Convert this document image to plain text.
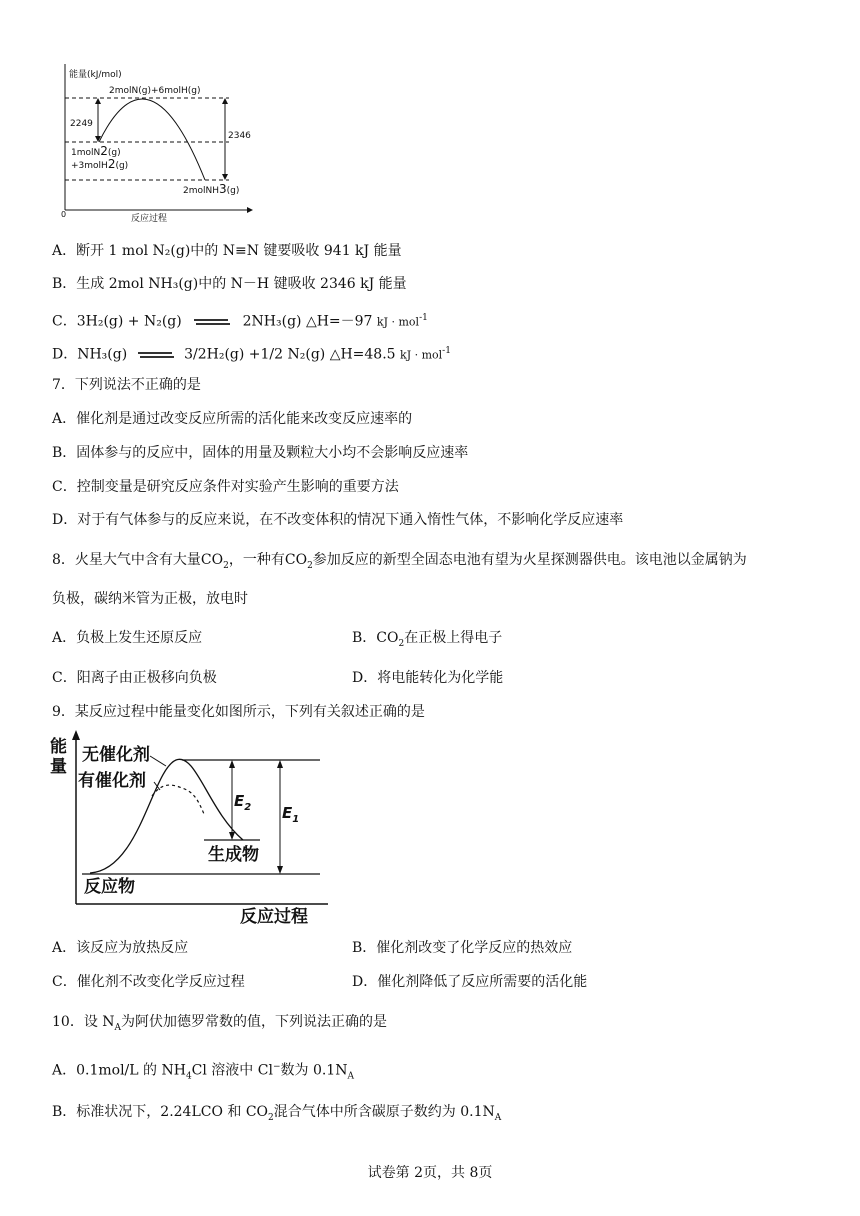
能量(kJ/mol)
2molN(g)+6molH(g)
2249
2346
1molN2(g)
+3molH2(g)
2molNH3(g)
0	反应过程
A．断开 1 mol N₂(g)中的 N≡N 键要吸收 941 kJ 能量
B．生成 2mol NH₃(g)中的 N－H 键吸收 2346 kJ 能量
C．3H₂(g) + N₂(g)	2NH₃(g) △H=－97 kJ · mol$^{-1}$
D．NH₃(g)	3/2H₂(g) +1/2 N₂(g) △H=48.5 kJ · mol$^{-1}$
7．下列说法不正确的是
A．催化剂是通过改变反应所需的活化能来改变反应速率的
B．固体参与的反应中，固体的用量及颗粒大小均不会影响反应速率
C．控制变量是研究反应条件对实验产生影响的重要方法
D．对于有气体参与的反应来说，在不改变体积的情况下通入惰性气体，不影响化学反应速率
8．火星大气中含有大量$CO_2$，一种有$CO_2$参加反应的新型全固态电池有望为火星探测器供电。该电池以金属钠为
负极，碳纳米管为正极，放电时
A．负极上发生还原反应	B．$CO_2$在正极上得电子
C．阳离子由正极移向负极	D．将电能转化为化学能
9．某反应过程中能量变化如图所示，下列有关叙述正确的是
能
量
无催化剂
有催化剂
$E_2$ $E_1$
生成物
反应物
反应过程
A．该反应为放热反应	B．催化剂改变了化学反应的热效应
C．催化剂不改变化学反应过程	D．催化剂降低了反应所需要的活化能
10．设 $N_A$为阿伏加德罗常数的值，下列说法正确的是
A．0.1mol/L 的 $NH_4Cl$ 溶液中 Cl−数为 $0.1N_A$
B．标准状况下，2.24LCO 和 $CO_2$混合气体中所含碳原子数约为 $0.1N_A$
试卷第 2页，共 8页
